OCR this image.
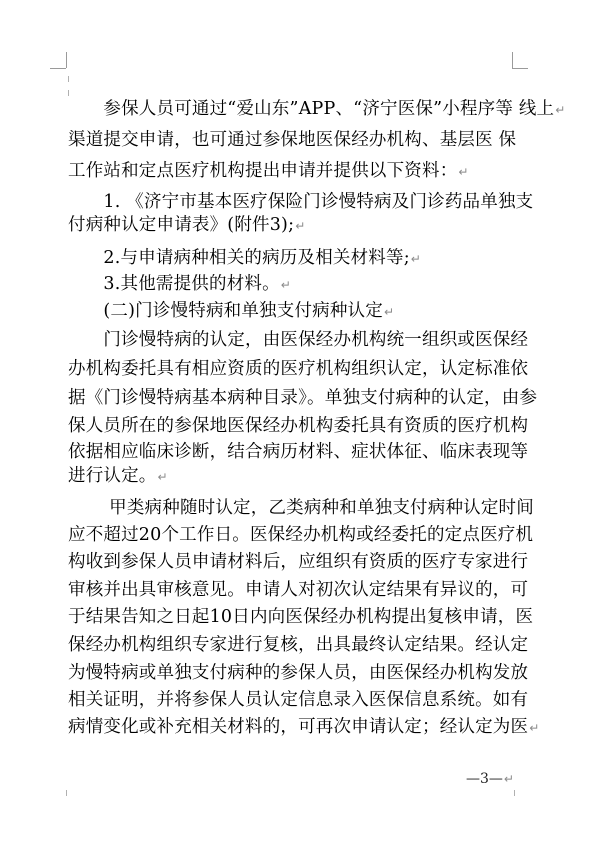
　　参保人员可通过“爱山东”APP、“济宁医保”小程序等 线上↵
渠道提交申请，也可通过参保地医保经办机构、基层医 保
工作站和定点医疗机构提出申请并提供以下资料：↵
　　1. 《济宁市基本医疗保险门诊慢特病及门诊药品单独支
付病种认定申请表》(附件3);↵
　　2.与申请病种相关的病历及相关材料等;↵
　　3.其他需提供的材料。↵
　　(二)门诊慢特病和单独支付病种认定↵
　　门诊慢特病的认定，由医保经办机构统一组织或医保经
办机构委托具有相应资质的医疗机构组织认定，认定标准依
据《门诊慢特病基本病种目录》。单独支付病种的认定，由参
保人员所在的参保地医保经办机构委托具有资质的医疗机构
依据相应临床诊断，结合病历材料、症状体征、临床表现等
进行认定。↵
　　 甲类病种随时认定，乙类病种和单独支付病种认定时间
应不超过20个工作日。医保经办机构或经委托的定点医疗机
构收到参保人员申请材料后，应组织有资质的医疗专家进行
审核并出具审核意见。申请人对初次认定结果有异议的，可
于结果告知之日起10日内向医保经办机构提出复核申请，医
保经办机构组织专家进行复核，出具最终认定结果。经认定
为慢特病或单独支付病种的参保人员，由医保经办机构发放
相关证明，并将参保人员认定信息录入医保信息系统。如有
病情变化或补充相关材料的，可再次申请认定；经认定为医↵
—3—↵
